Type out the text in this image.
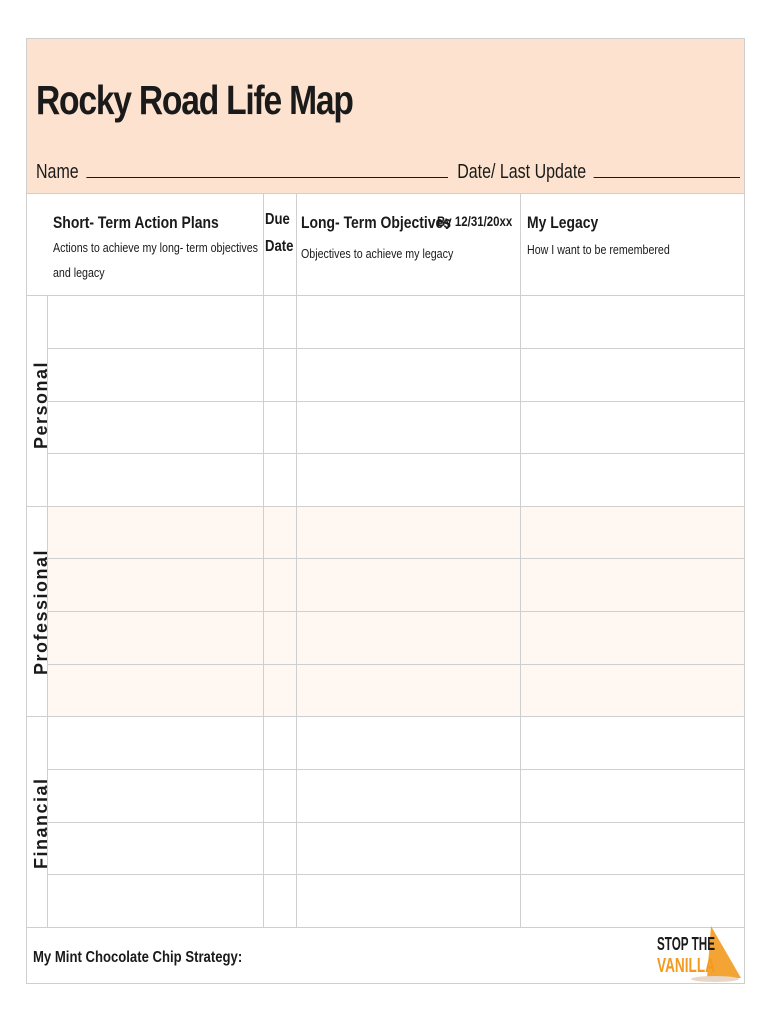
Rocky Road Life Map
Name	Date/ Last Update
Short- Term Action Plans
Actions to achieve my long- term objectives
and legacy
Due
Date
Long- Term Objectives
By 12/31/20xx
Objectives to achieve my legacy
My Legacy
How I want to be remembered
Personal
Professional
Financial
My Mint Chocolate Chip Strategy:
STOP THE
VANILLA
